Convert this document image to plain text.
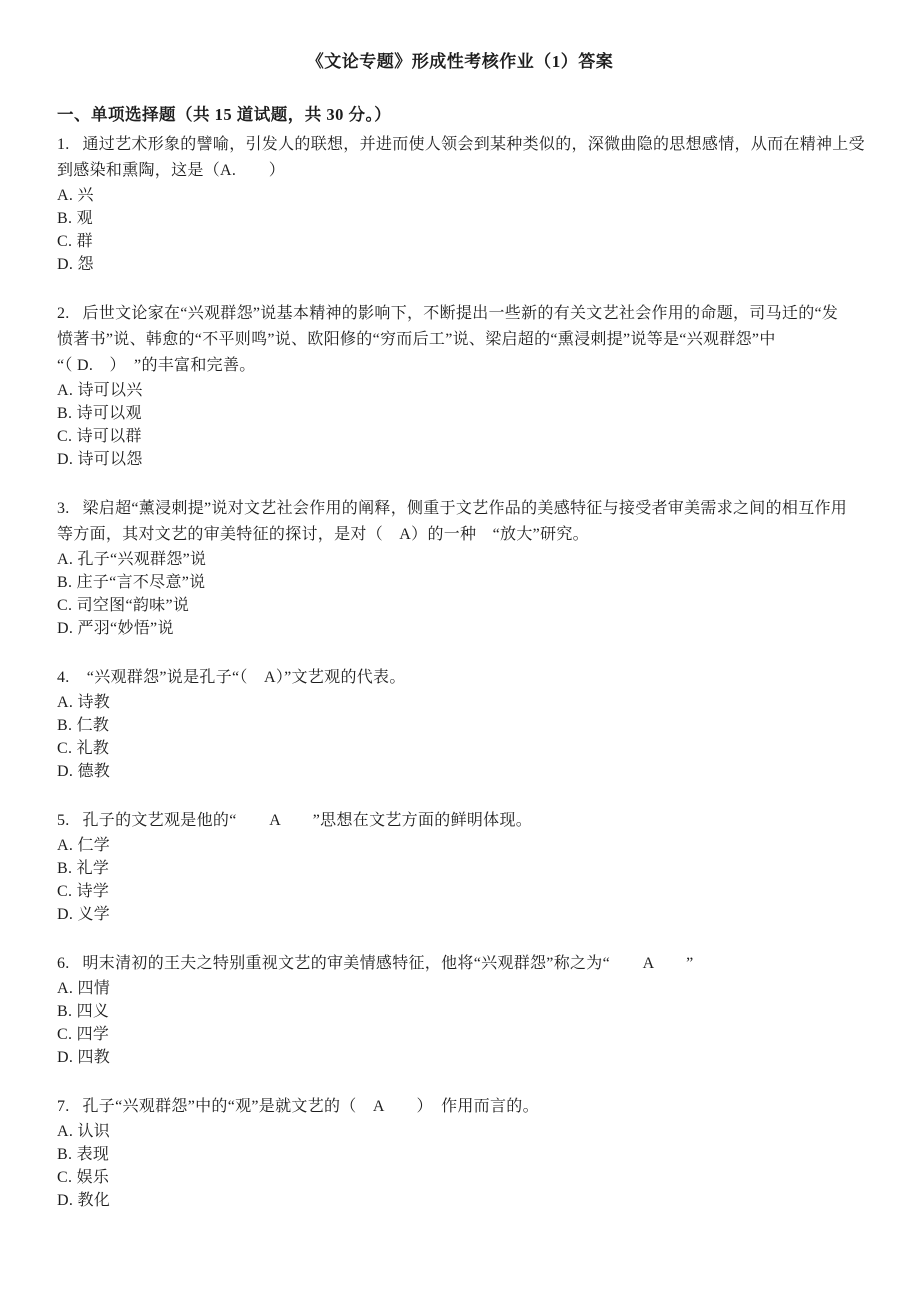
《文论专题》形成性考核作业（1）答案
一、单项选择题（共 15 道试题，共 30 分。）

1.   通过艺术形象的譬喻，引发人的联想，并进而使人领会到某种类似的，深微曲隐的思想感情，从而在精神上受

到感染和熏陶，这是（A.　　）

A. 兴

B. 观

C. 群

D. 怨

2.   后世文论家在“兴观群怨”说基本精神的影响下，不断提出一些新的有关文艺社会作用的命题，司马迁的“发

愤著书”说、韩愈的“不平则鸣”说、欧阳修的“穷而后工”说、梁启超的“熏浸刺提”说等是“兴观群怨”中

“（ D.　）　”的丰富和完善。

A. 诗可以兴

B. 诗可以观

C. 诗可以群

D. 诗可以怨

3.   梁启超“薰浸刺提”说对文艺社会作用的阐释，侧重于文艺作品的美感特征与接受者审美需求之间的相互作用

等方面，其对文艺的审美特征的探讨，是对（　A）的一种　“放大”研究。

A. 孔子“兴观群怨”说

B. 庄子“言不尽意”说

C. 司空图“韵味”说

D. 严羽“妙悟”说

4.    “兴观群怨”说是孔子“（　A）”文艺观的代表。

A. 诗教

B. 仁教

C. 礼教

D. 德教

5.   孔子的文艺观是他的“　　A　　”思想在文艺方面的鲜明体现。

A. 仁学

B. 礼学

C. 诗学

D. 义学

6.   明末清初的王夫之特别重视文艺的审美情感特征，他将“兴观群怨”称之为“　　A　　”

A. 四情

B. 四义

C. 四学

D. 四教

7.   孔子“兴观群怨”中的“观”是就文艺的（　A　　）　作用而言的。

A. 认识

B. 表现

C. 娱乐

D. 教化
